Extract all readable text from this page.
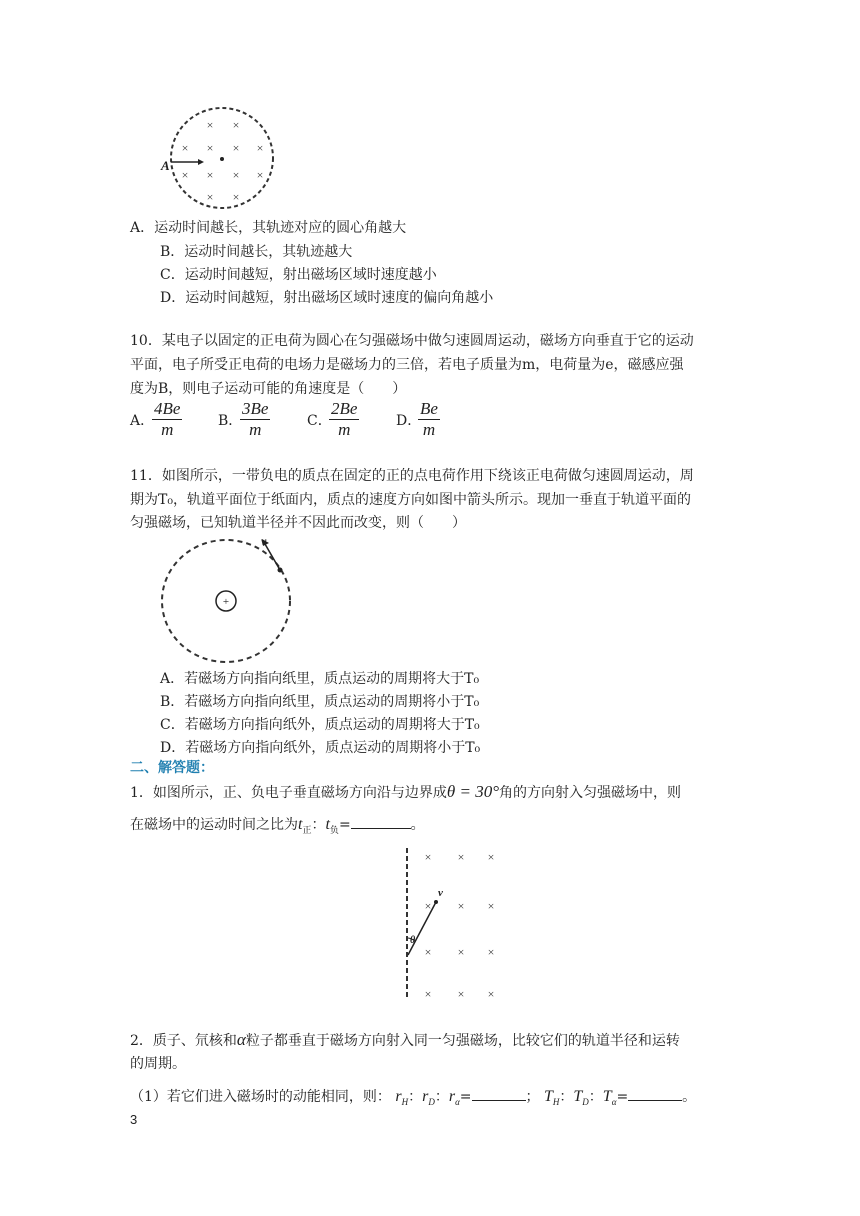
× ×
× × × ×
× × × ×
× ×
A
A．运动时间越长，其轨迹对应的圆心角越大
B．运动时间越长，其轨迹越大
C．运动时间越短，射出磁场区域时速度越小
D．运动时间越短，射出磁场区域时速度的偏向角越小
10．某电子以固定的正电荷为圆心在匀强磁场中做匀速圆周运动，磁场方向垂直于它的运动
平面，电子所受正电荷的电场力是磁场力的三倍，若电子质量为m，电荷量为e，磁感应强
度为B，则电子运动可能的角速度是（　　）
A．
$\frac{4Be}{m}$	B．
$\frac{3Be}{m}$	C．
$\frac{2Be}{m}$	D．
$\frac{Be}{m}$
11．如图所示，一带负电的质点在固定的正的点电荷作用下绕该正电荷做匀速圆周运动，周
期为T₀，轨道平面位于纸面内，质点的速度方向如图中箭头所示。现加一垂直于轨道平面的
匀强磁场，已知轨道半径并不因此而改变，则（　　）
+
v
A．若磁场方向指向纸里，质点运动的周期将大于T₀
B．若磁场方向指向纸里，质点运动的周期将小于T₀
C．若磁场方向指向纸外，质点运动的周期将大于T₀
D．若磁场方向指向纸外，质点运动的周期将小于T₀
二、解答题：
1．如图所示，正、负电子垂直磁场方向沿与边界成θ = 30°角的方向射入匀强磁场中，则
在磁场中的运动时间之比为$t_正$：$t_负=$	。
× × ×
× × ×
× × ×
× × ×
v
θ
2．质子、氘核和α粒子都垂直于磁场方向射入同一匀强磁场，比较它们的轨道半径和运转
的周期。
（1）若它们进入磁场时的动能相同，则： $r_H$：$r_D$：$r_\alpha=$	； $T_H$：$T_D$：$T_\alpha=$	。
3
